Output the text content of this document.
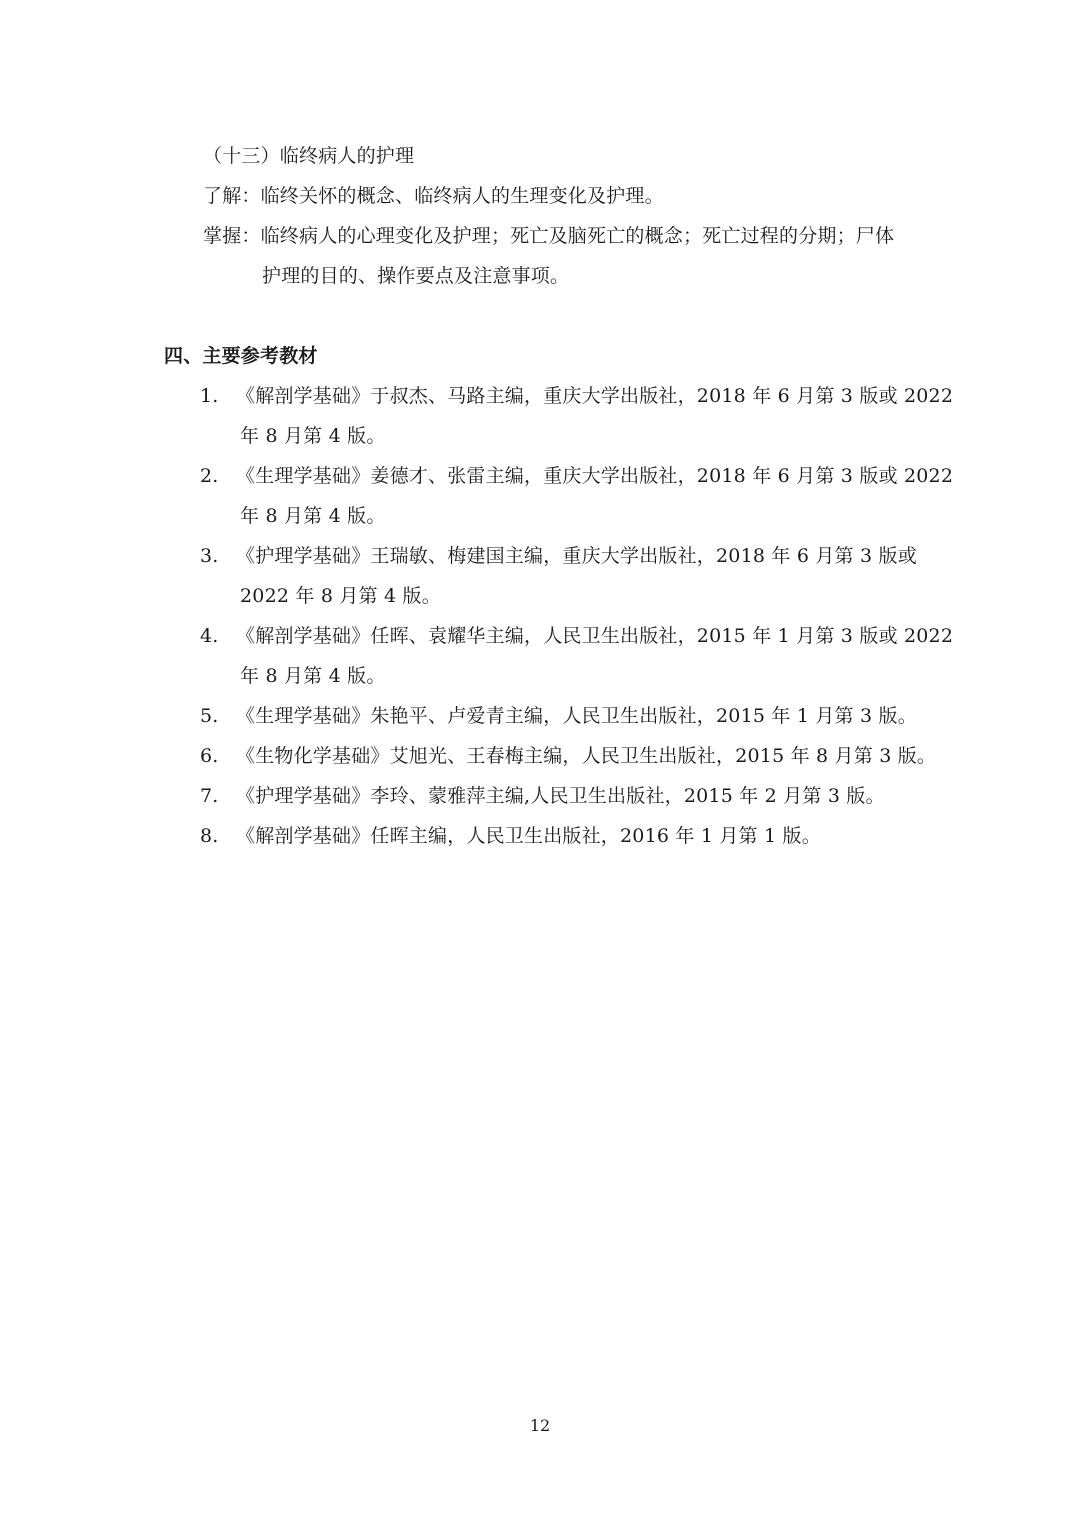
（十三）临终病人的护理
了解：临终关怀的概念、临终病人的生理变化及护理。
掌握：临终病人的心理变化及护理；死亡及脑死亡的概念；死亡过程的分期；尸体
护理的目的、操作要点及注意事项。
四、主要参考教材
1. 《解剖学基础》于叔杰、马路主编，重庆大学出版社，2018 年 6 月第 3 版或 2022
年 8 月第 4 版。
2. 《生理学基础》姜德才、张雷主编，重庆大学出版社，2018 年 6 月第 3 版或 2022
年 8 月第 4 版。
3. 《护理学基础》王瑞敏、梅建国主编，重庆大学出版社，2018 年 6 月第 3 版或
2022 年 8 月第 4 版。
4. 《解剖学基础》任晖、袁耀华主编，人民卫生出版社，2015 年 1 月第 3 版或 2022
年 8 月第 4 版。
5. 《生理学基础》朱艳平、卢爱青主编，人民卫生出版社，2015 年 1 月第 3 版。
6. 《生物化学基础》艾旭光、王春梅主编，人民卫生出版社，2015 年 8 月第 3 版。
7. 《护理学基础》李玲、蒙雅萍主编,人民卫生出版社，2015 年 2 月第 3 版。
8. 《解剖学基础》任晖主编，人民卫生出版社，2016 年 1 月第 1 版。
12
